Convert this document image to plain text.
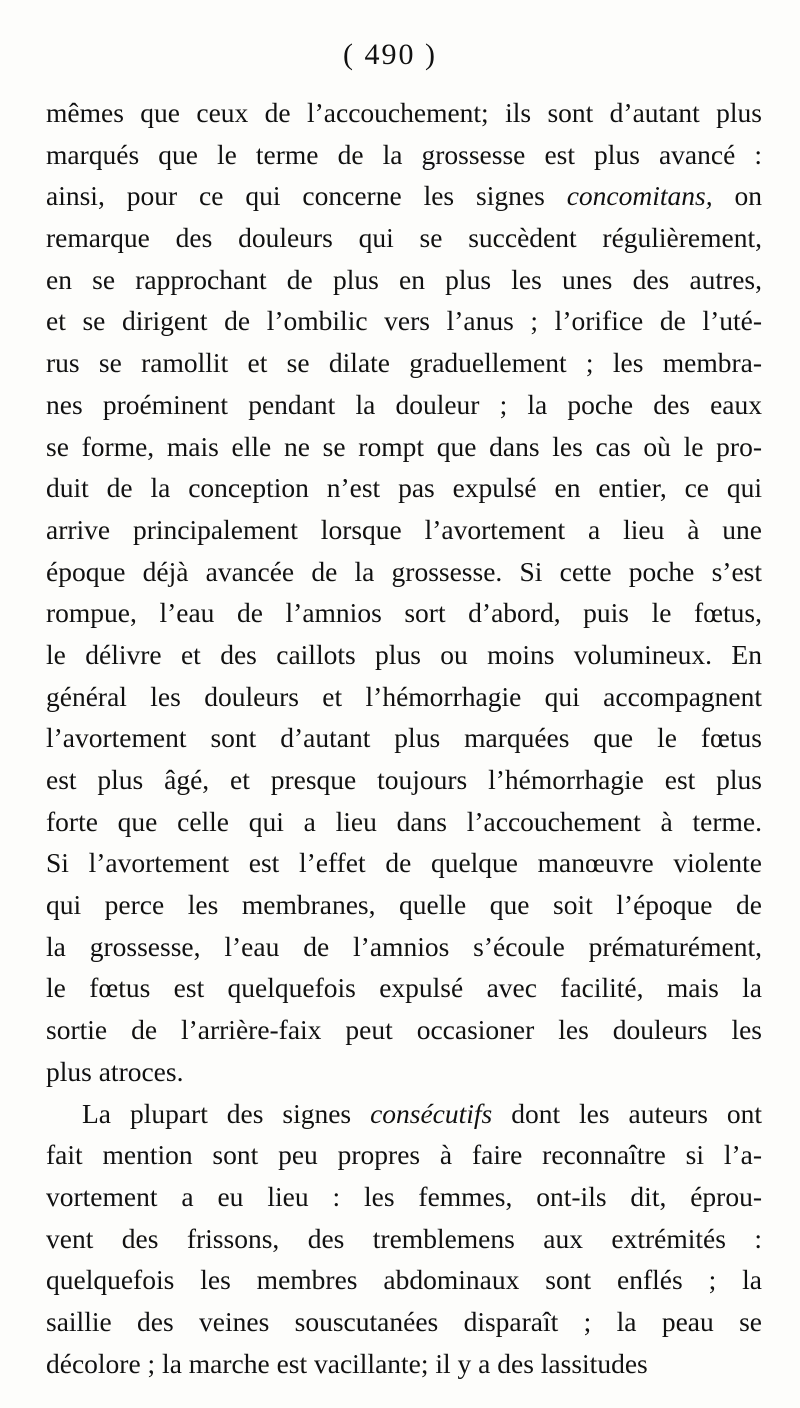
( 490 )
mêmes que ceux de l’accouchement; ils sont d’autant plus
marqués que le terme de la grossesse est plus avancé :
ainsi, pour ce qui concerne les signes concomitans, on
remarque des douleurs qui se succèdent régulièrement,
en se rapprochant de plus en plus les unes des autres,
et se dirigent de l’ombilic vers l’anus ; l’orifice de l’uté-
rus se ramollit et se dilate graduellement ; les membra-
nes proéminent pendant la douleur ; la poche des eaux
se forme, mais elle ne se rompt que dans les cas où le pro-
duit de la conception n’est pas expulsé en entier, ce qui
arrive principalement lorsque l’avortement a lieu à une
époque déjà avancée de la grossesse. Si cette poche s’est
rompue, l’eau de l’amnios sort d’abord, puis le fœtus,
le délivre et des caillots plus ou moins volumineux. En
général les douleurs et l’hémorrhagie qui accompagnent
l’avortement sont d’autant plus marquées que le fœtus
est plus âgé, et presque toujours l’hémorrhagie est plus
forte que celle qui a lieu dans l’accouchement à terme.
Si l’avortement est l’effet de quelque manœuvre violente
qui perce les membranes, quelle que soit l’époque de
la grossesse, l’eau de l’amnios s’écoule prématurément,
le fœtus est quelquefois expulsé avec facilité, mais la
sortie de l’arrière-faix peut occasioner les douleurs les
plus atroces.
La plupart des signes consécutifs dont les auteurs ont
fait mention sont peu propres à faire reconnaître si l’a-
vortement a eu lieu : les femmes, ont-ils dit, éprou-
vent des frissons, des tremblemens aux extrémités :
quelquefois les membres abdominaux sont enflés ; la
saillie des veines souscutanées disparaît ; la peau se
décolore ; la marche est vacillante; il y a des lassitudes
